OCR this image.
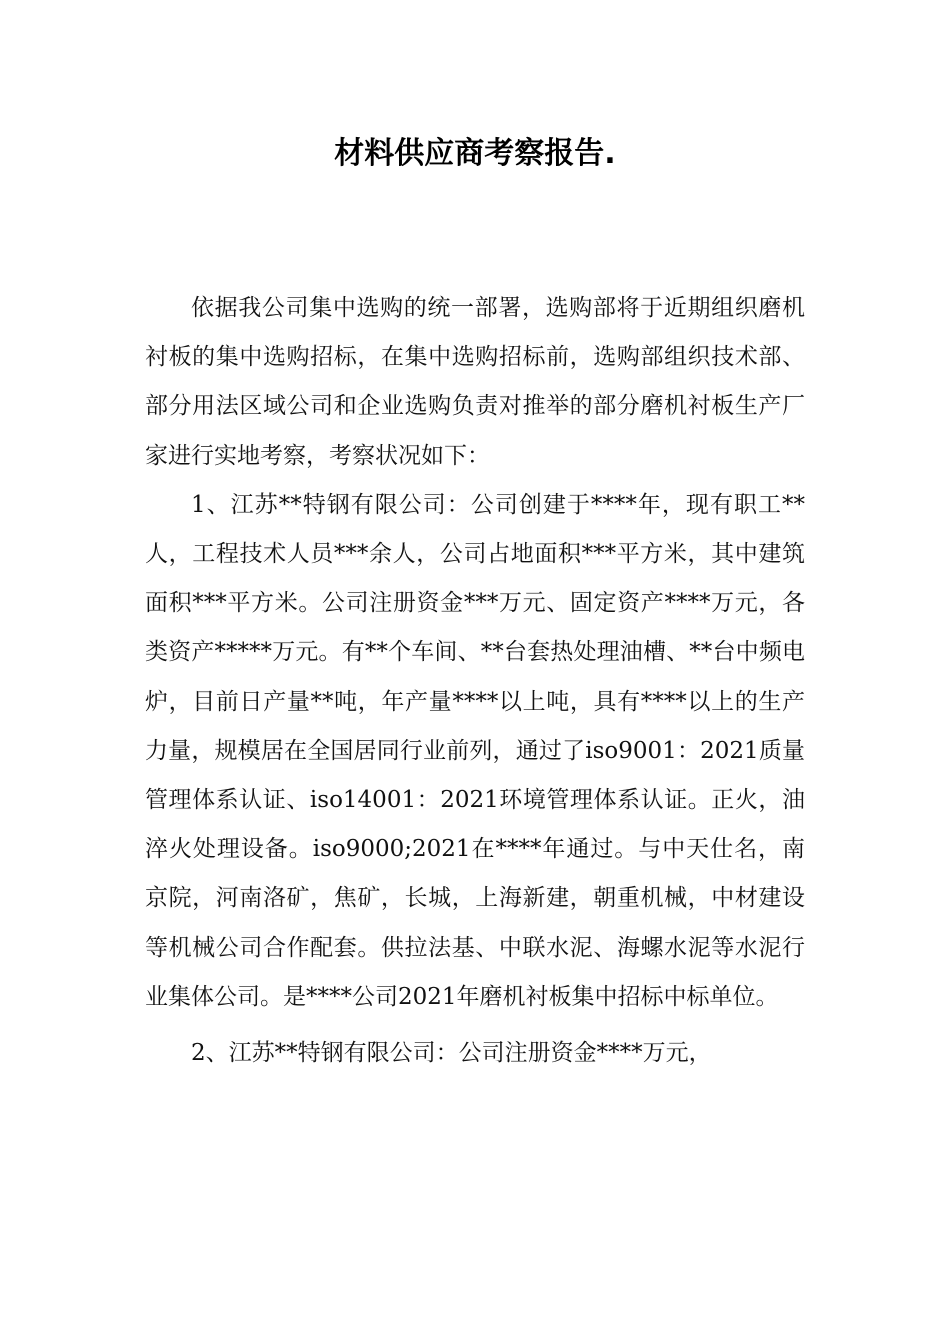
材料供应商考察报告.

依据我公司集中选购的统一部署，选购部将于近期组织磨机衬板的集中选购招标，在集中选购招标前，选购部组织技术部、部分用法区域公司和企业选购负责对推举的部分磨机衬板生产厂家进行实地考察，考察状况如下：

1、江苏**特钢有限公司：公司创建于****年，现有职工**人，工程技术人员***余人，公司占地面积***平方米，其中建筑面积***平方米。公司注册资金***万元、固定资产****万元，各类资产*****万元。有**个车间、**台套热处理油槽、**台中频电炉，目前日产量**吨，年产量****以上吨，具有****以上的生产力量，规模居在全国居同行业前列，通过了iso9001：2021质量管理体系认证、iso14001：2021环境管理体系认证。正火，油淬火处理设备。iso9000;2021在****年通过。与中天仕名，南京院，河南洛矿，焦矿，长城，上海新建，朝重机械，中材建设等机械公司合作配套。供拉法基、中联水泥、海螺水泥等水泥行业集体公司。是****公司2021年磨机衬板集中招标中标单位。

2、江苏**特钢有限公司：公司注册资金****万元，
